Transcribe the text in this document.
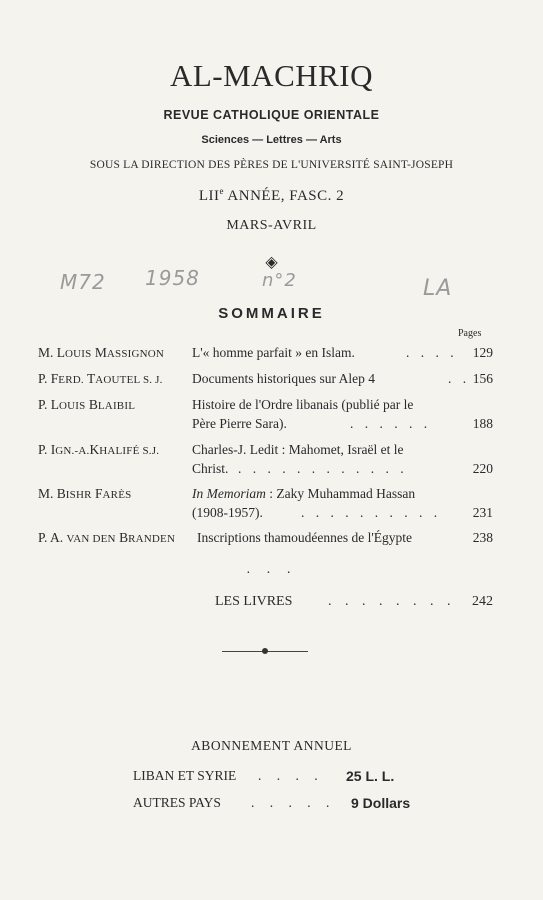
AL-MACHRIQ
REVUE CATHOLIQUE ORIENTALE
Sciences — Lettres — Arts
SOUS LA DIRECTION DES PÈRES DE L'UNIVERSITÉ SAINT-JOSEPH
LIIe ANNÉE, FASC. 2
MARS-AVRIL
◈
M72 1958	n°2	LA
SOMMAIRE
Pages
M. LOUIS MASSIGNON L'« homme parfait » en Islam.	. . . . 129
P. FERD. TAOUTEL S. J. Documents historiques sur Alep 4	. . 156
P. LOUIS BLAIBIL	Histoire de l'Ordre libanais (publié par le
Père Pierre Sara).	. . . . . .	188
P. IGN.-A.KHALIFÉ S.J. Charles-J. Ledit : Mahomet, Israël et le
Christ. . . . . . . . . . . . .	220
M. BISHR FARÈS	In Memoriam : Zaky Muhammad Hassan
(1908-1957).	. . . . . . . . . . 231
P. A. VAN DEN BRANDEN Inscriptions thamoudéennes de l'Égypte	238
· · ·
LES LIVRES	. . . . . . . . 242
ABONNEMENT ANNUEL
LIBAN ET SYRIE . . . . 25 L. L.
AUTRES PAYS . . . . . 9 Dollars
